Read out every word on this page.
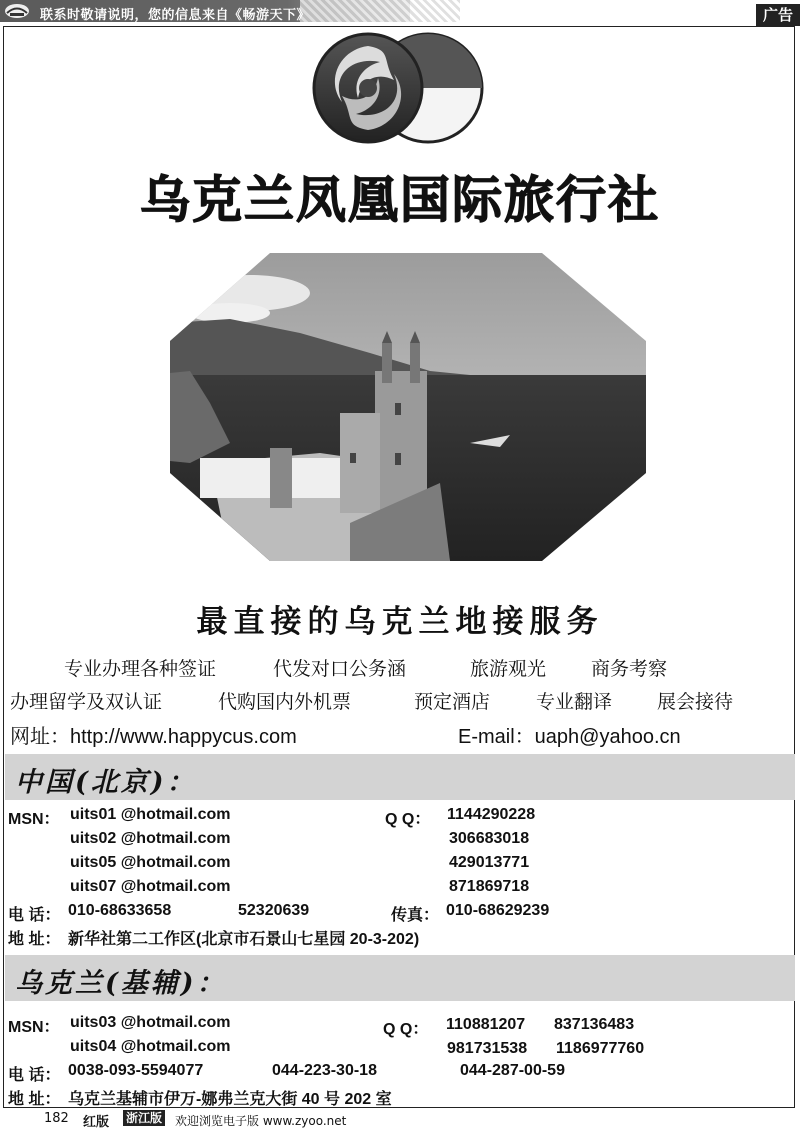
联系时敬请说明，您的信息来自《畅游天下》	广告
乌克兰凤凰国际旅行社
最直接的乌克兰地接服务
专业办理各种签证	代发对口公务涵	旅游观光 商务考察
办理留学及双认证	代购国内外机票	预定酒店 专业翻译 展会接待
网址：http://www.happycus.com	E-mail：uaph@yahoo.cn
中国(北京)：
MSN： uits01 @hotmail.com
uits02 @hotmail.com
uits05 @hotmail.com
uits07 @hotmail.com
Q Q： 1144290228
306683018
429013771
871869718
电 话： 010-68633658	52320639	传真： 010-68629239
地 址： 新华社第二工作区(北京市石景山七星园 20-3-202)
乌克兰(基辅)：
MSN： uits03 @hotmail.com
uits04 @hotmail.com
Q Q： 110881207 837136483
981731538 1186977760
电 话： 0038-093-5594077	044-223-30-18	044-287-00-59
地 址： 乌克兰基辅市伊万-娜弗兰克大街 40 号 202 室
182 红版 浙江版 欢迎浏览电子版 www.zyoo.net
